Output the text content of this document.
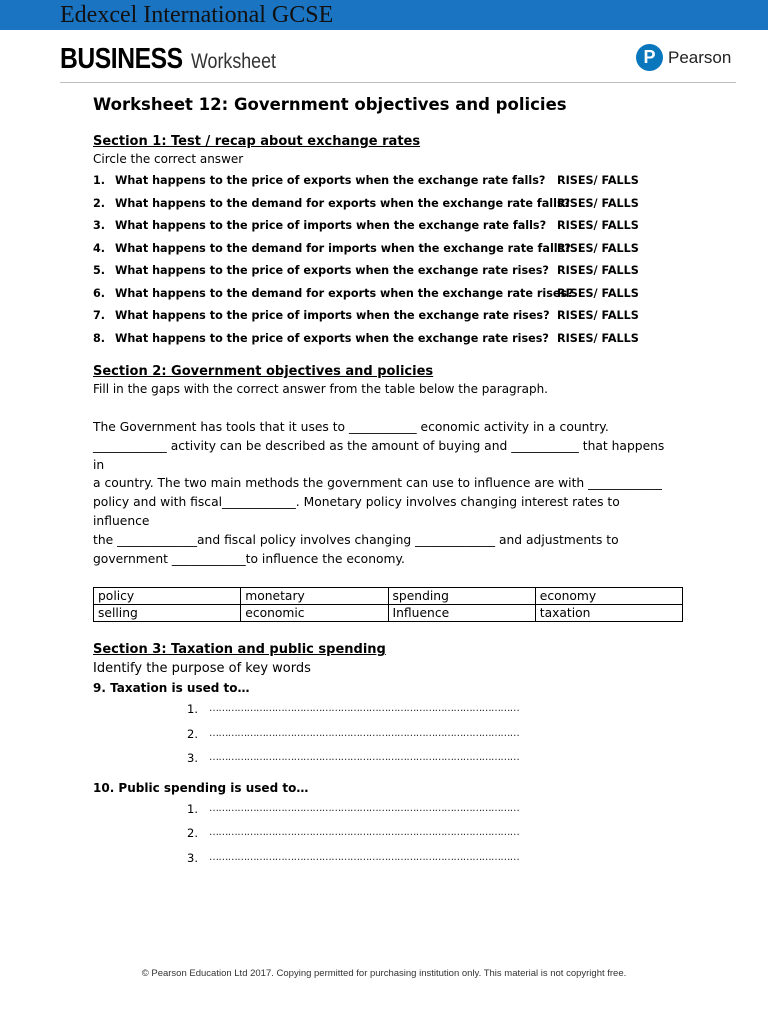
Edexcel International GCSE
BUSINESS Worksheet	P Pearson
Worksheet 12: Government objectives and policies

Section 1: Test / recap about exchange rates

Circle the correct answer

1. What happens to the price of exports when the exchange rate falls? RISES/ FALLS
2. What happens to the demand for exports when the exchange rate falls?
RISES/ FALLS
3. What happens to the price of imports when the exchange rate falls? RISES/ FALLS
4. What happens to the demand for imports when the exchange rate falls?
RISES/ FALLS
5. What happens to the price of exports when the exchange rate rises? RISES/ FALLS
6. What happens to the demand for exports when the exchange rate rises?
RISES/ FALLS
7. What happens to the price of imports when the exchange rate rises? RISES/ FALLS
8. What happens to the price of exports when the exchange rate rises? RISES/ FALLS

Section 2: Government objectives and policies

Fill in the gaps with the correct answer from the table below the paragraph.

The Government has tools that it uses to ___________ economic activity in a country.

____________ activity can be described as the amount of buying and ___________ that happens in

a country. The two main methods the government can use to influence are with ____________

policy and with fiscal____________. Monetary policy involves changing interest rates to influence

the _____________and fiscal policy involves changing _____________ and adjustments to

government ____________to influence the economy.

policy	monetary	spending	economy
selling	economic	Influence	taxation

Section 3: Taxation and public spending

Identify the purpose of key words

9. Taxation is used to…

1. ………………………………………………………………………………………
2. ………………………………………………………………………………………
3. ………………………………………………………………………………………

10. Public spending is used to…

1. ………………………………………………………………………………………
2. ………………………………………………………………………………………
3. ………………………………………………………………………………………
© Pearson Education Ltd 2017. Copying permitted for purchasing institution only. This material is not copyright free.
